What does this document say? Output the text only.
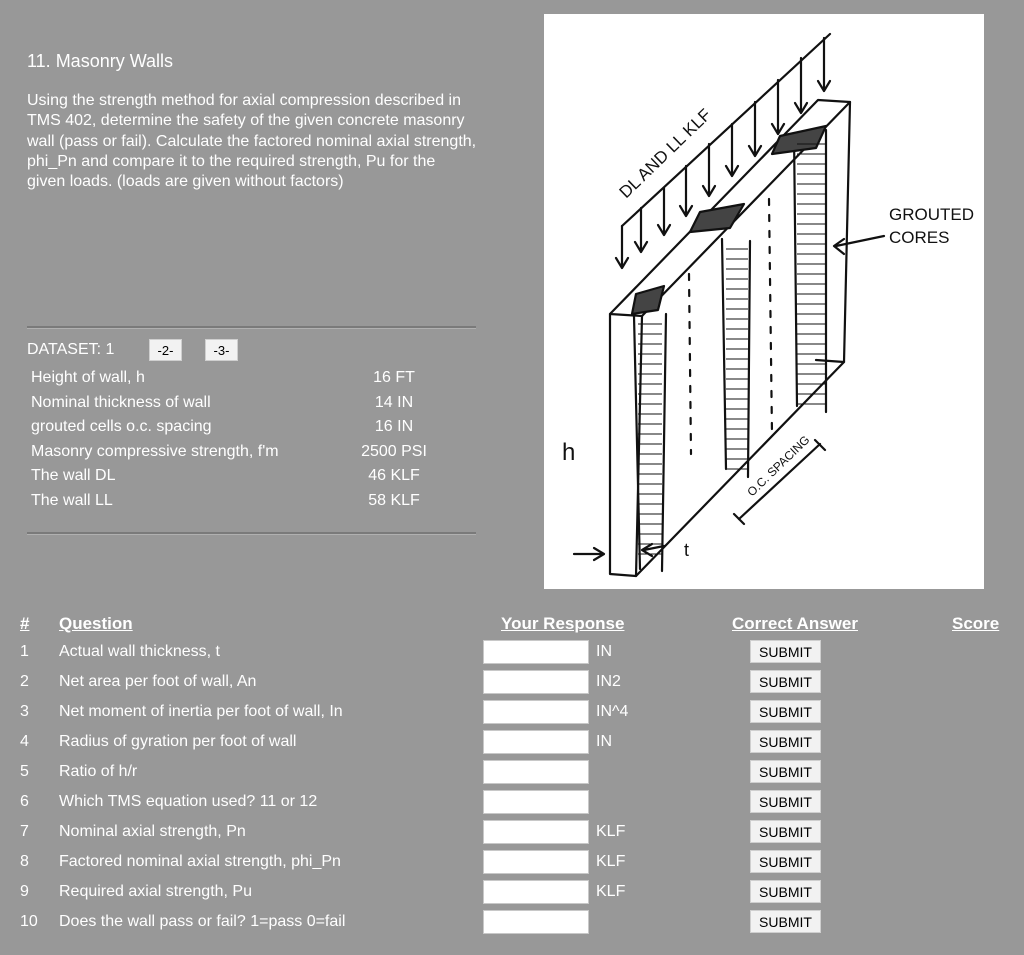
11. Masonry Walls
Using the strength method for axial compression described in TMS 402, determine the safety of the given concrete masonry wall (pass or fail). Calculate the factored nominal axial strength, phi_Pn and compare it to the required strength, Pu for the given loads. (loads are given without factors)
DATASET: 1	-2-	-3-
Height of wall, h	16 FT
Nominal thickness of wall	14 IN
grouted cells o.c. spacing	16 IN
Masonry compressive strength, f'm	2500 PSI
The wall DL	46 KLF
The wall LL	58 KLF
DL AND LL KLF
GROUTED
CORES
h
t
O.C. SPACING
# Question	Your Response	Correct Answer	Score
1	Actual wall thickness, t	IN	SUBMIT
2	Net area per foot of wall, An	IN2	SUBMIT
3	Net moment of inertia per foot of wall, In	IN^4	SUBMIT
4	Radius of gyration per foot of wall	IN	SUBMIT
5	Ratio of h/r	SUBMIT
6	Which TMS equation used? 11 or 12	SUBMIT
7	Nominal axial strength, Pn	KLF	SUBMIT
8	Factored nominal axial strength, phi_Pn	KLF	SUBMIT
9	Required axial strength, Pu	KLF	SUBMIT
10	Does the wall pass or fail? 1=pass 0=fail	SUBMIT
